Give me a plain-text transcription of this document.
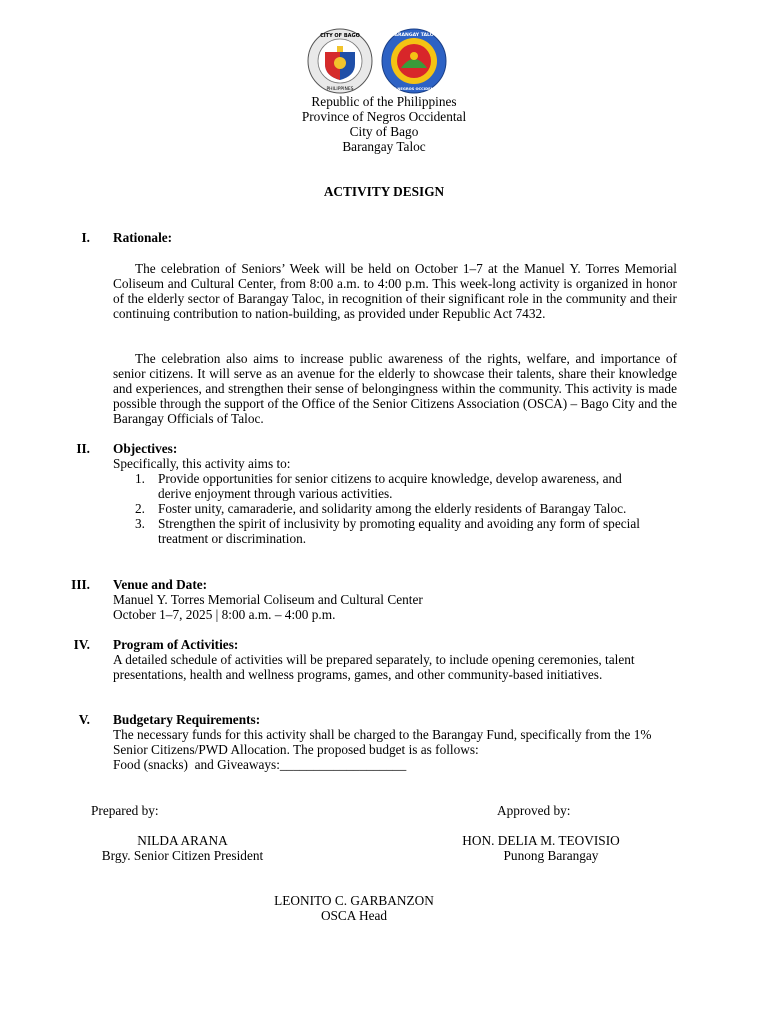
CITY OF BAGO
PHILIPPINES
BARANGAY TALOC
CITY NEGROS OCCIDENTAL
Republic of the Philippines
Province of Negros Occidental
City of Bago
Barangay Taloc
ACTIVITY DESIGN
I. Rationale:
The celebration of Seniors’ Week will be held on October 1–7 at the Manuel Y. Torres Memorial Coliseum and Cultural Center, from 8:00 a.m. to 4:00 p.m. This week-long activity is organized in honor of the elderly sector of Barangay Taloc, in recognition of their significant role in the community and their continuing contribution to nation-building, as provided under Republic Act 7432.
The celebration also aims to increase public awareness of the rights, welfare, and importance of senior citizens. It will serve as an avenue for the elderly to showcase their talents, share their knowledge and experiences, and strengthen their sense of belongingness within the community. This activity is made possible through the support of the Office of the Senior Citizens Association (OSCA) – Bago City and the Barangay Officials of Taloc.
II. Objectives:
Specifically, this activity aims to:
1. Provide opportunities for senior citizens to acquire knowledge, develop awareness, and derive enjoyment through various activities.
2. Foster unity, camaraderie, and solidarity among the elderly residents of Barangay Taloc.
3. Strengthen the spirit of inclusivity by promoting equality and avoiding any form of special treatment or discrimination.
III. Venue and Date:
Manuel Y. Torres Memorial Coliseum and Cultural Center
October 1–7, 2025 | 8:00 a.m. – 4:00 p.m.
IV. Program of Activities:
A detailed schedule of activities will be prepared separately, to include opening ceremonies, talent presentations, health and wellness programs, games, and other community-based initiatives.
V. Budgetary Requirements:
The necessary funds for this activity shall be charged to the Barangay Fund, specifically from the 1% Senior Citizens/PWD Allocation. The proposed budget is as follows:
Food (snacks)  and Giveaways:___________________
Prepared by:	Approved by:
NILDA ARANA
Brgy. Senior Citizen President
HON. DELIA M. TEOVISIO
Punong Barangay
LEONITO C. GARBANZON
OSCA Head
